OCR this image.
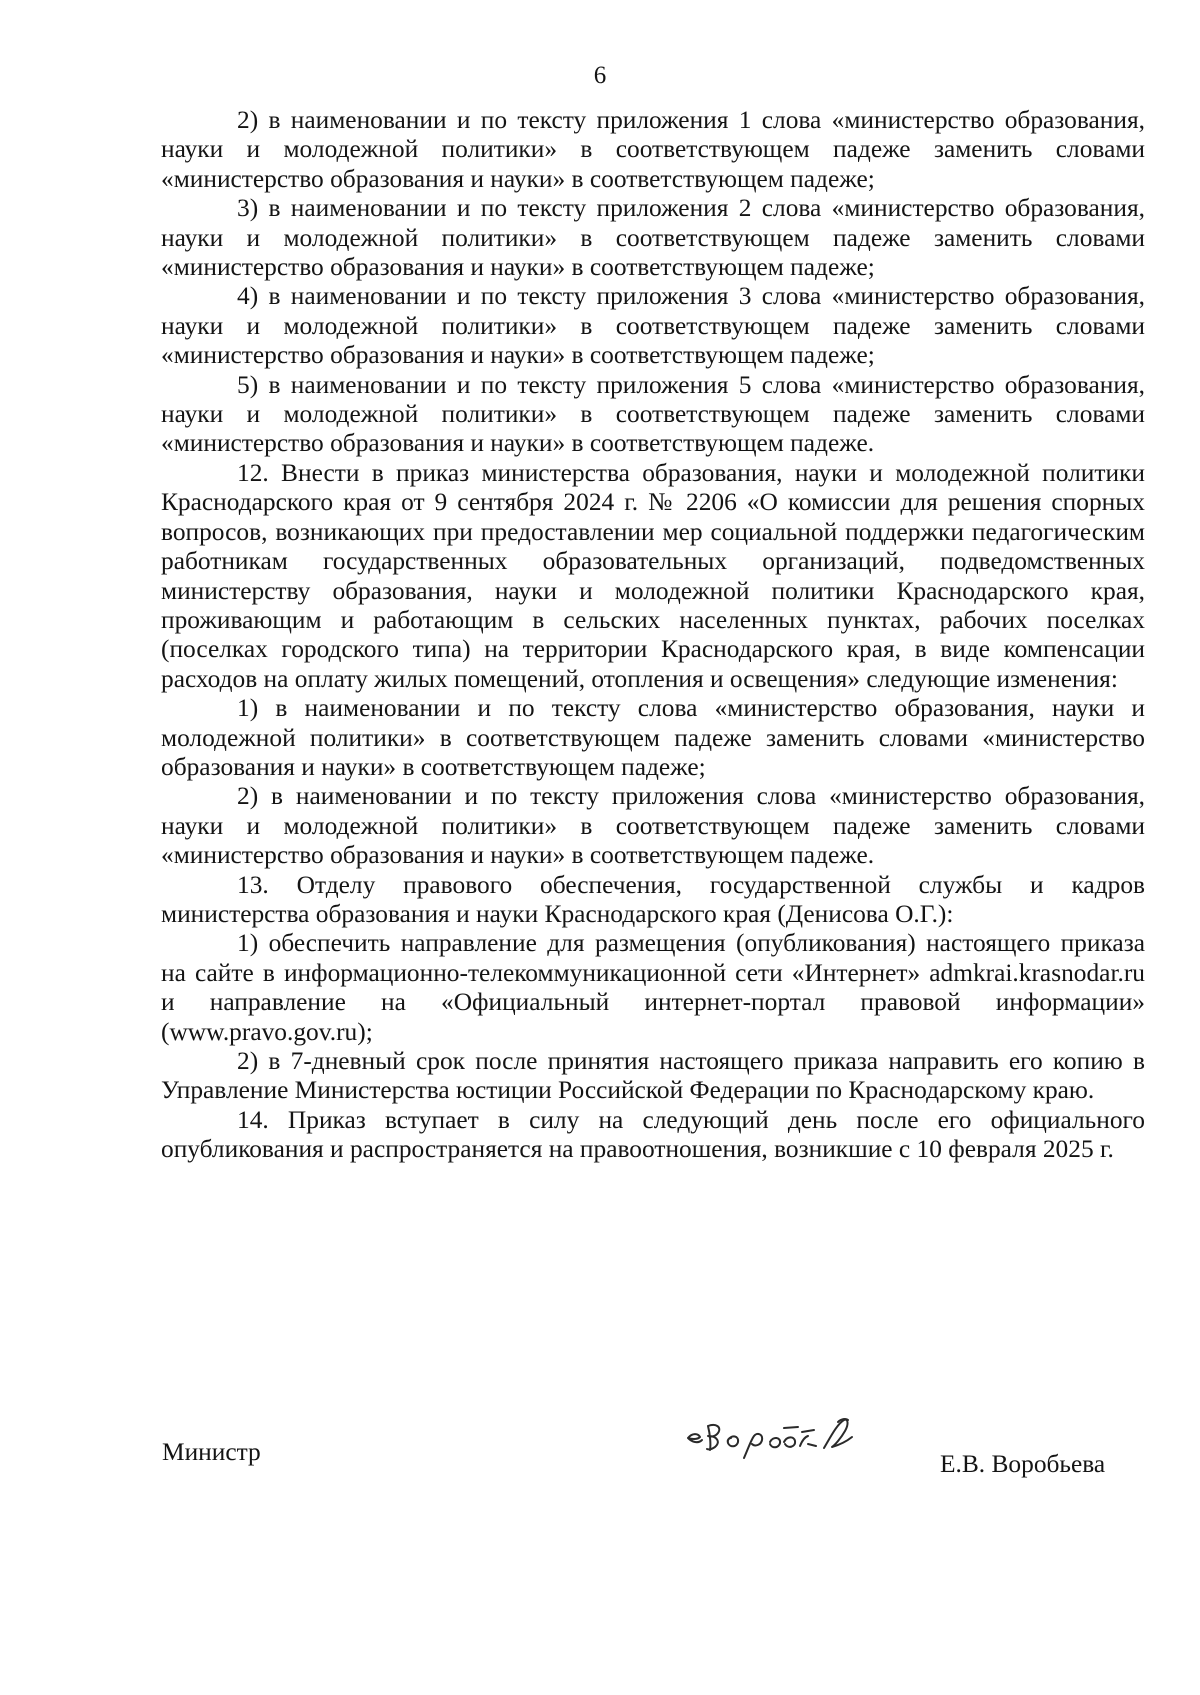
6

2) в наименовании и по тексту приложения 1 слова «министерство образования, науки и молодежной политики» в соответствующем падеже заменить словами «министерство образования и науки» в соответствующем падеже;

3) в наименовании и по тексту приложения 2 слова «министерство образования, науки и молодежной политики» в соответствующем падеже заменить словами «министерство образования и науки» в соответствующем падеже;

4) в наименовании и по тексту приложения 3 слова «министерство образования, науки и молодежной политики» в соответствующем падеже заменить словами «министерство образования и науки» в соответствующем падеже;

5) в наименовании и по тексту приложения 5 слова «министерство образования, науки и молодежной политики» в соответствующем падеже заменить словами «министерство образования и науки» в соответствующем падеже.

12. Внести в приказ министерства образования, науки и молодежной политики Краснодарского края от 9 сентября 2024 г. № 2206 «О комиссии для решения спорных вопросов, возникающих при предоставлении мер социальной поддержки педагогическим работникам государственных образовательных организаций, подведомственных министерству образования, науки и молодежной политики Краснодарского края, проживающим и работающим в сельских населенных пунктах, рабочих поселках (поселках городского типа) на территории Краснодарского края, в виде компенсации расходов на оплату жилых помещений, отопления и освещения» следующие изменения:

1) в наименовании и по тексту слова «министерство образования, науки и молодежной политики» в соответствующем падеже заменить словами «министерство образования и науки» в соответствующем падеже;

2) в наименовании и по тексту приложения слова «министерство образования, науки и молодежной политики» в соответствующем падеже заменить словами «министерство образования и науки» в соответствующем падеже.

13. Отделу правового обеспечения, государственной службы и кадров министерства образования и науки Краснодарского края (Денисова О.Г.):

1) обеспечить направление для размещения (опубликования) настоящего приказа на сайте в информационно-телекоммуникационной сети «Интернет» admkrai.krasnodar.ru и направление на «Официальный интернет-портал правовой информации» (www.pravo.gov.ru);

2) в 7-дневный срок после принятия настоящего приказа направить его копию в Управление Министерства юстиции Российской Федерации по Краснодарскому краю.

14. Приказ вступает в силу на следующий день после его официального опубликования и распространяется на правоотношения, возникшие с 10 февраля 2025 г.

Министр	Е.В. Воробьева
